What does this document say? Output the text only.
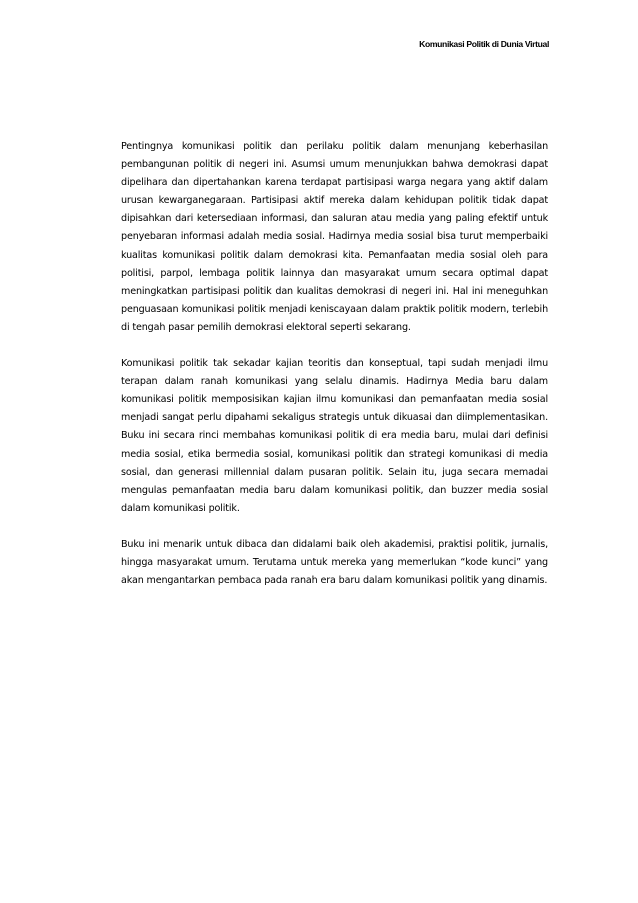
Komunikasi Politik di Dunia Virtual

Pentingnya komunikasi politik dan perilaku politik dalam menunjang keberhasilan pembangunan politik di negeri ini. Asumsi umum menunjukkan bahwa demokrasi dapat dipelihara dan dipertahankan karena terdapat partisipasi warga negara yang aktif dalam urusan kewarganegaraan. Partisipasi aktif mereka dalam kehidupan politik tidak dapat dipisahkan dari ketersediaan informasi, dan saluran atau media yang paling efektif untuk penyebaran informasi adalah media sosial. Hadirnya media sosial bisa turut memperbaiki kualitas komunikasi politik dalam demokrasi kita. Pemanfaatan media sosial oleh para politisi, parpol, lembaga politik lainnya dan masyarakat umum secara optimal dapat meningkatkan partisipasi politik dan kualitas demokrasi di negeri ini. Hal ini meneguhkan penguasaan komunikasi politik menjadi keniscayaan dalam praktik politik modern, terlebih di tengah pasar pemilih demokrasi elektoral seperti sekarang.

Komunikasi politik tak sekadar kajian teoritis dan konseptual, tapi sudah menjadi ilmu terapan dalam ranah komunikasi yang selalu dinamis. Hadirnya Media baru dalam komunikasi politik memposisikan kajian ilmu komunikasi dan pemanfaatan media sosial menjadi sangat perlu dipahami sekaligus strategis untuk dikuasai dan diimplementasikan. Buku ini secara rinci membahas komunikasi politik di era media baru, mulai dari definisi media sosial, etika bermedia sosial, komunikasi politik dan strategi komunikasi di media sosial, dan generasi millennial dalam pusaran politik. Selain itu, juga secara memadai mengulas pemanfaatan media baru dalam komunikasi politik, dan buzzer media sosial dalam komunikasi politik.

Buku ini menarik untuk dibaca dan didalami baik oleh akademisi, praktisi politik, jurnalis, hingga masyarakat umum. Terutama untuk mereka yang memerlukan “kode kunci” yang akan mengantarkan pembaca pada ranah era baru dalam komunikasi politik yang dinamis.
